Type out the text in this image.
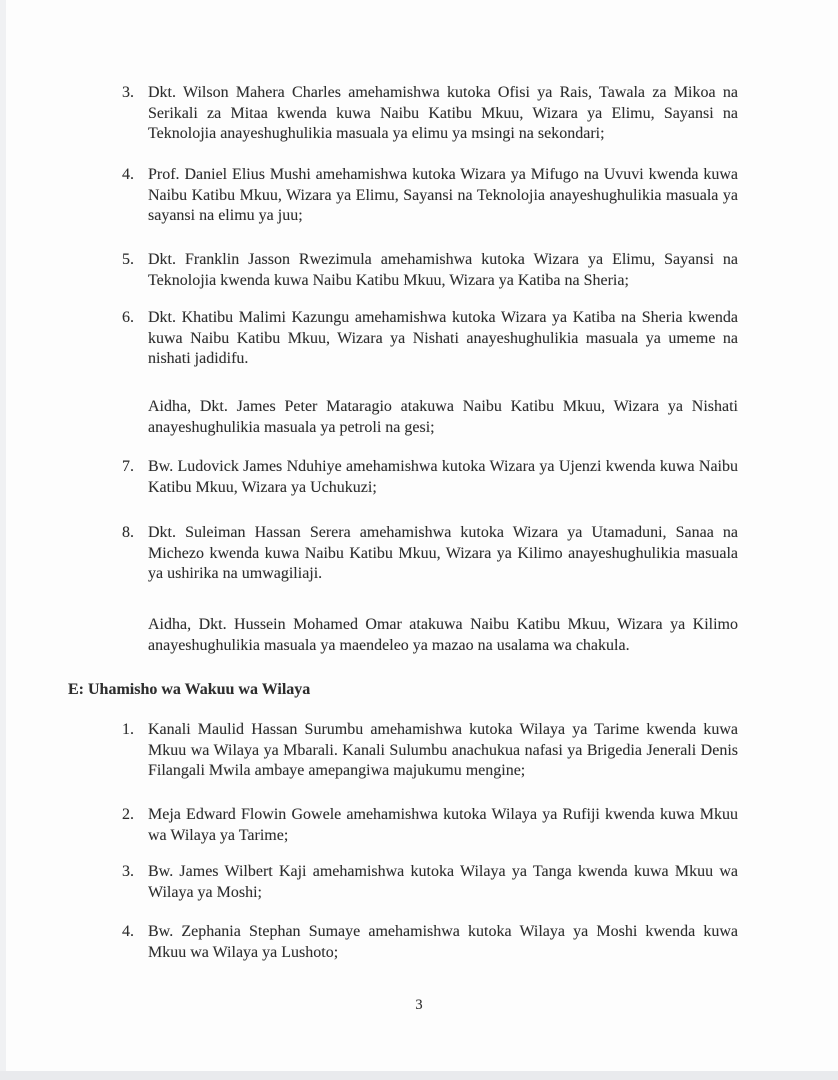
3. Dkt. Wilson Mahera Charles amehamishwa kutoka Ofisi ya Rais, Tawala za Mikoa na Serikali za Mitaa kwenda kuwa Naibu Katibu Mkuu, Wizara ya Elimu, Sayansi na Teknolojia anayeshughulikia masuala ya elimu ya msingi na sekondari;
4. Prof. Daniel Elius Mushi amehamishwa kutoka Wizara ya Mifugo na Uvuvi kwenda kuwa Naibu Katibu Mkuu, Wizara ya Elimu, Sayansi na Teknolojia anayeshughulikia masuala ya sayansi na elimu ya juu;
5. Dkt. Franklin Jasson Rwezimula amehamishwa kutoka Wizara ya Elimu, Sayansi na Teknolojia kwenda kuwa Naibu Katibu Mkuu, Wizara ya Katiba na Sheria;
6. Dkt. Khatibu Malimi Kazungu amehamishwa kutoka Wizara ya Katiba na Sheria kwenda kuwa Naibu Katibu Mkuu, Wizara ya Nishati anayeshughulikia masuala ya umeme na nishati jadidifu.
Aidha, Dkt. James Peter Mataragio atakuwa Naibu Katibu Mkuu, Wizara ya Nishati anayeshughulikia masuala ya petroli na gesi;
7. Bw. Ludovick James Nduhiye amehamishwa kutoka Wizara ya Ujenzi kwenda kuwa Naibu Katibu Mkuu, Wizara ya Uchukuzi;
8. Dkt. Suleiman Hassan Serera amehamishwa kutoka Wizara ya Utamaduni, Sanaa na Michezo kwenda kuwa Naibu Katibu Mkuu, Wizara ya Kilimo anayeshughulikia masuala ya ushirika na umwagiliaji.
Aidha, Dkt. Hussein Mohamed Omar atakuwa Naibu Katibu Mkuu, Wizara ya Kilimo anayeshughulikia masuala ya maendeleo ya mazao na usalama wa chakula.
E: Uhamisho wa Wakuu wa Wilaya
1. Kanali Maulid Hassan Surumbu amehamishwa kutoka Wilaya ya Tarime kwenda kuwa Mkuu wa Wilaya ya Mbarali. Kanali Sulumbu anachukua nafasi ya Brigedia Jenerali Denis Filangali Mwila ambaye amepangiwa majukumu mengine;
2. Meja Edward Flowin Gowele amehamishwa kutoka Wilaya ya Rufiji kwenda kuwa Mkuu wa Wilaya ya Tarime;
3. Bw. James Wilbert Kaji amehamishwa kutoka Wilaya ya Tanga kwenda kuwa Mkuu wa Wilaya ya Moshi;
4. Bw. Zephania Stephan Sumaye amehamishwa kutoka Wilaya ya Moshi kwenda kuwa Mkuu wa Wilaya ya Lushoto;
3
